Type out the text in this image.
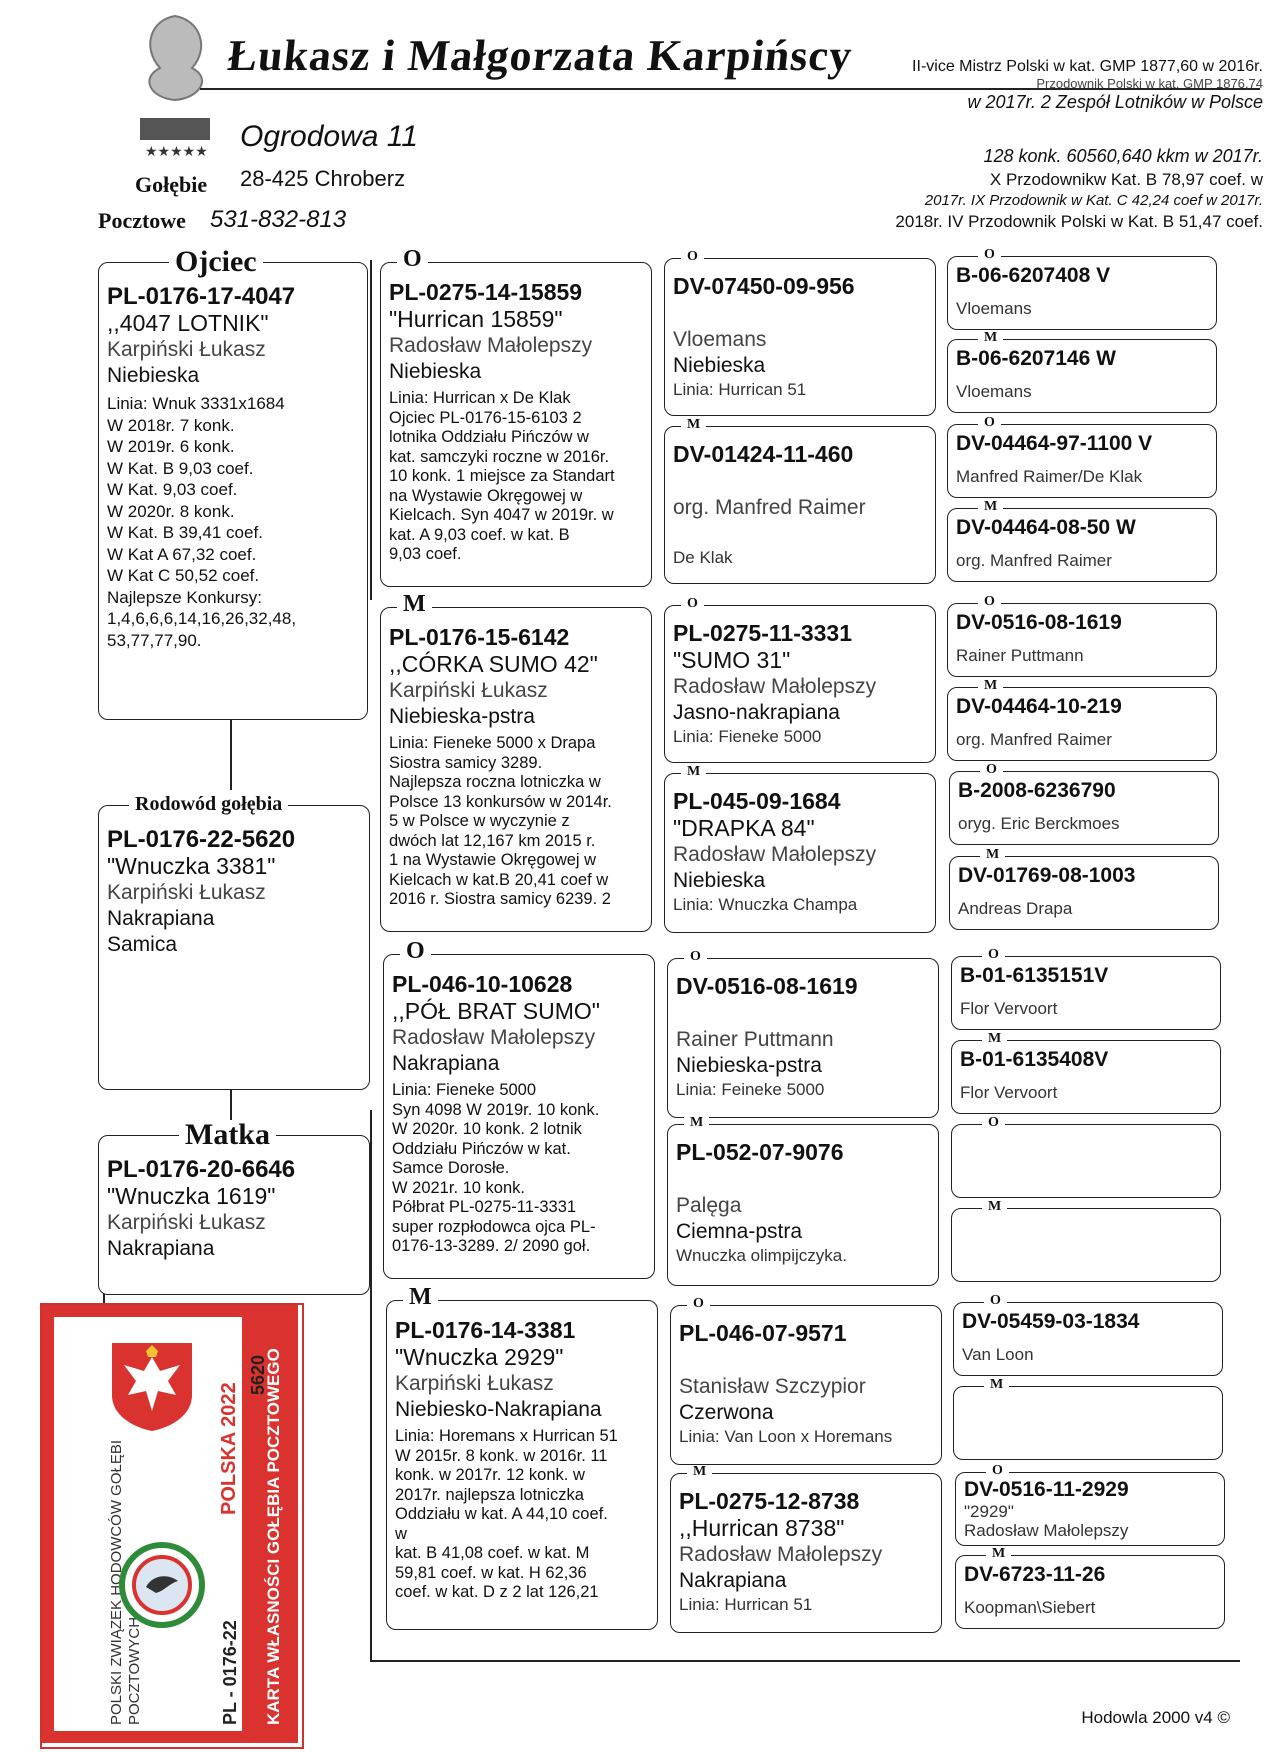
★★★★★
Gołębie
Pocztowe
Łukasz i Małgorzata Karpińscy
Ogrodowa 11
28-425 Chroberz
531-832-813
II-vice Mistrz Polski w kat. GMP 1877,60 w 2016r.
Przodownik Polski w kat. GMP 1876,74
w 2017r. 2 Zespół Lotników w Polsce
128 konk. 60560,640 kkm w 2017r.
X Przodownikw Kat. B 78,97 coef. w
2017r. IX Przodownik w Kat. C 42,24 coef w 2017r.
2018r. IV Przodownik Polski w Kat. B 51,47 coef.
Ojciec
PL-0176-17-4047
,,4047 LOTNIK"
Karpiński Łukasz
Niebieska
Linia: Wnuk 3331x1684
W 2018r. 7 konk.
W 2019r. 6 konk.
W Kat. B 9,03 coef.
W Kat. 9,03 coef.
W 2020r. 8 konk.
W Kat. B 39,41 coef.
W Kat A 67,32 coef.
W Kat C 50,52 coef.
Najlepsze Konkursy:
1,4,6,6,6,14,16,26,32,48,
53,77,77,90.
Rodowód gołębia
PL-0176-22-5620
"Wnuczka 3381"
Karpiński Łukasz
Nakrapiana
Samica
Matka
PL-0176-20-6646
"Wnuczka 1619"
Karpiński Łukasz
Nakrapiana
O
PL-0275-14-15859
"Hurrican 15859"
Radosław Małolepszy
Niebieska
Linia: Hurrican x De Klak
Ojciec PL-0176-15-6103 2
lotnika Oddziału Pińczów w
kat. samczyki roczne w 2016r.
10 konk. 1 miejsce za Standart
na Wystawie Okręgowej w
Kielcach. Syn 4047 w 2019r. w
kat. A 9,03 coef. w kat. B
9,03 coef.
M
PL-0176-15-6142
,,CÓRKA SUMO 42"
Karpiński Łukasz
Niebieska-pstra
Linia: Fieneke 5000 x Drapa
Siostra samicy 3289.
Najlepsza roczna lotniczka w
Polsce 13 konkursów w 2014r.
5 w Polsce w wyczynie z
dwóch lat 12,167 km 2015 r.
1 na Wystawie Okręgowej w
Kielcach w kat.B 20,41 coef w
2016 r. Siostra samicy 6239. 2
O
PL-046-10-10628
,,PÓŁ BRAT SUMO"
Radosław Małolepszy
Nakrapiana
Linia: Fieneke 5000
Syn 4098 W 2019r. 10 konk.
W 2020r. 10 konk. 2 lotnik
Oddziału Pińczów w kat.
Samce Dorosłe.
W 2021r. 10 konk.
Półbrat PL-0275-11-3331
super rozpłodowca ojca PL-
0176-13-3289. 2/ 2090 goł.
M
PL-0176-14-3381
"Wnuczka 2929"
Karpiński Łukasz
Niebiesko-Nakrapiana
Linia: Horemans x Hurrican 51
W 2015r. 8 konk. w 2016r. 11
konk. w 2017r. 12 konk. w
2017r. najlepsza lotniczka
Oddziału w kat. A 44,10 coef.
w
kat. B 41,08 coef. w kat. M
59,81 coef. w kat. H 62,36
coef. w kat. D z 2 lat 126,21
O
DV-07450-09-956
Vloemans
Niebieska
Linia: Hurrican 51
M
DV-01424-11-460
org. Manfred Raimer
De Klak
O
PL-0275-11-3331
"SUMO 31"
Radosław Małolepszy
Jasno-nakrapiana
Linia: Fieneke 5000
M
PL-045-09-1684
"DRAPKA 84"
Radosław Małolepszy
Niebieska
Linia: Wnuczka Champa
O
DV-0516-08-1619
Rainer Puttmann
Niebieska-pstra
Linia: Feineke 5000
M
PL-052-07-9076
Palęga
Ciemna-pstra
Wnuczka olimpijczyka.
O
PL-046-07-9571
Stanisław Szczypior
Czerwona
Linia: Van Loon x Horemans
M
PL-0275-12-8738
,,Hurrican 8738"
Radosław Małolepszy
Nakrapiana
Linia: Hurrican 51
O
B-06-6207408 V
Vloemans
M
B-06-6207146 W
Vloemans
O
DV-04464-97-1100 V
Manfred Raimer/De Klak
M
DV-04464-08-50 W
org. Manfred Raimer
O
DV-0516-08-1619
Rainer Puttmann
M
DV-04464-10-219
org. Manfred Raimer
O
B-2008-6236790
oryg. Eric Berckmoes
M
DV-01769-08-1003
Andreas Drapa
O
B-01-6135151V
Flor Vervoort
M
B-01-6135408V
Flor Vervoort
O
M
O
DV-05459-03-1834
Van Loon
M
O
DV-0516-11-2929
"2929"
Radosław Małolepszy
M
DV-6723-11-26
Koopman\Siebert
KARTA WŁASNOŚCI GOŁĘBIA POCZTOWEGO
PL - 0176-22
POLSKA 2022
5620
POLSKI ZWIĄZEK HODOWCÓW GOŁĘBI POCZTOWYCH	Hodowla 2000 v4 ©
